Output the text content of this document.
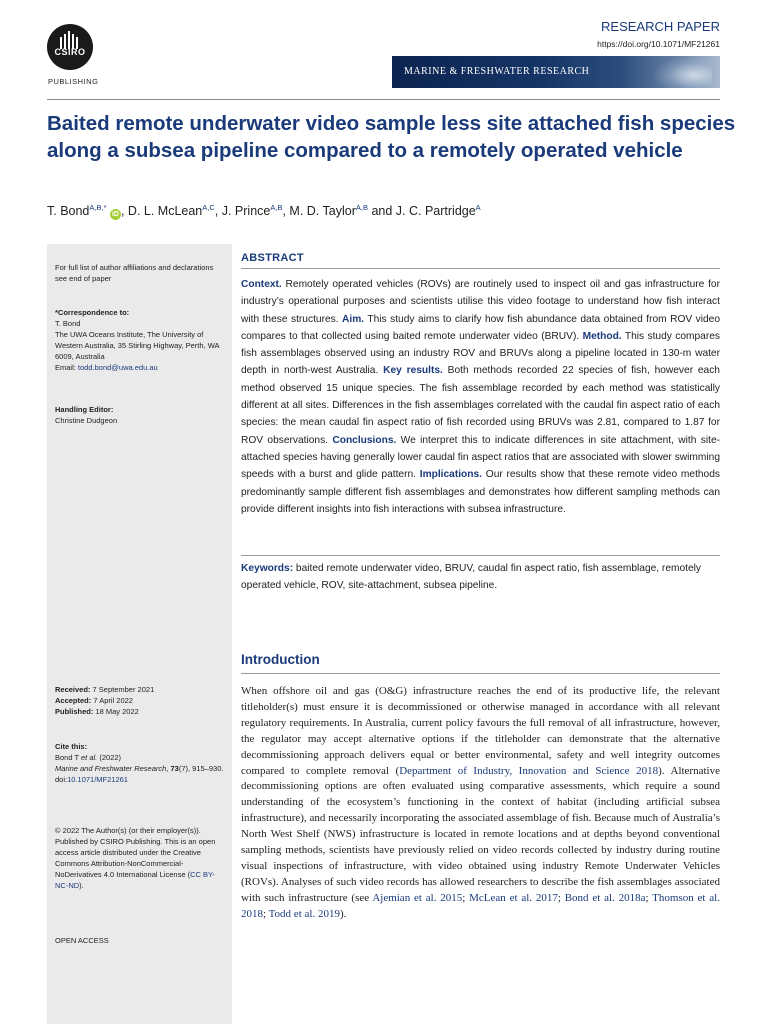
CSIRO
PUBLISHING
RESEARCH PAPER
https://doi.org/10.1071/MF21261
MARINE & FRESHWATER RESEARCH
Baited remote underwater video sample less site attached fish species along a subsea pipeline compared to a remotely operated vehicle
T. Bond$^{A,B,*}$ iD , D. L. McLean$^{A,C}$, J. Prince$^{A,B}$, M. D. Taylor$^{A,B}$ and J. C. Partridge$^A$
For full list of author affiliations and declarations see end of paper
*Correspondence to:
T. Bond
The UWA Oceans Institute, The University of Western Australia, 35 Stirling Highway, Perth, WA 6009, Australia
Email: todd.bond@uwa.edu.au
Handling Editor:
Christine Dudgeon
Received: 7 September 2021
Accepted: 7 April 2022
Published: 18 May 2022
Cite this:
Bond T et al. (2022)
Marine and Freshwater Research, 73(7), 915–930.
doi:10.1071/MF21261
© 2022 The Author(s) (or their employer(s)). Published by CSIRO Publishing. This is an open access article distributed under the Creative Commons Attribution-NonCommercial-NoDerivatives 4.0 International License (CC BY-NC-ND).
OPEN ACCESS
ABSTRACT
Context. Remotely operated vehicles (ROVs) are routinely used to inspect oil and gas infrastructure for industry’s operational purposes and scientists utilise this video footage to understand how fish interact with these structures. Aim. This study aims to clarify how fish abundance data obtained from ROV video compares to that collected using baited remote underwater video (BRUV). Method. This study compares fish assemblages observed using an industry ROV and BRUVs along a pipeline located in 130-m water depth in north-west Australia. Key results. Both methods recorded 22 species of fish, however each method observed 15 unique species. The fish assemblage recorded by each method was statistically different at all sites. Differences in the fish assemblages correlated with the caudal fin aspect ratio of each species: the mean caudal fin aspect ratio of fish recorded using BRUVs was 2.81, compared to 1.87 for ROV observations. Conclusions. We interpret this to indicate differences in site attachment, with site-attached species having generally lower caudal fin aspect ratios that are associated with slower swimming speeds with a burst and glide pattern. Implications. Our results show that these remote video methods predominantly sample different fish assemblages and demonstrates how different sampling methods can provide different insights into fish interactions with subsea infrastructure.
Keywords: baited remote underwater video, BRUV, caudal fin aspect ratio, fish assemblage, remotely operated vehicle, ROV, site-attachment, subsea pipeline.
Introduction
When offshore oil and gas (O&G) infrastructure reaches the end of its productive life, the relevant titleholder(s) must ensure it is decommissioned or otherwise managed in accordance with all relevant regulatory requirements. In Australia, current policy favours the full removal of all infrastructure, however, the regulator may accept alternative options if the titleholder can demonstrate that the alternative decommissioning approach delivers equal or better environmental, safety and well integrity outcomes compared to complete removal (Department of Industry, Innovation and Science 2018). Alternative decommissioning options are often evaluated using comparative assessments, which require a sound understanding of the ecosystem’s functioning in the context of habitat (including artificial subsea infrastructure), and necessarily incorporating the associated assemblage of fish. Because much of Australia’s North West Shelf (NWS) infrastructure is located in remote locations and at depths beyond conventional sampling methods, scientists have previously relied on video records collected by industry during routine visual inspections of infrastructure, with video obtained using industry Remote Underwater Vehicles (ROVs). Analyses of such video records has allowed researchers to describe the fish assemblages associated with such infrastructure (see Ajemian et al. 2015; McLean et al. 2017; Bond et al. 2018a; Thomson et al. 2018; Todd et al. 2019).
